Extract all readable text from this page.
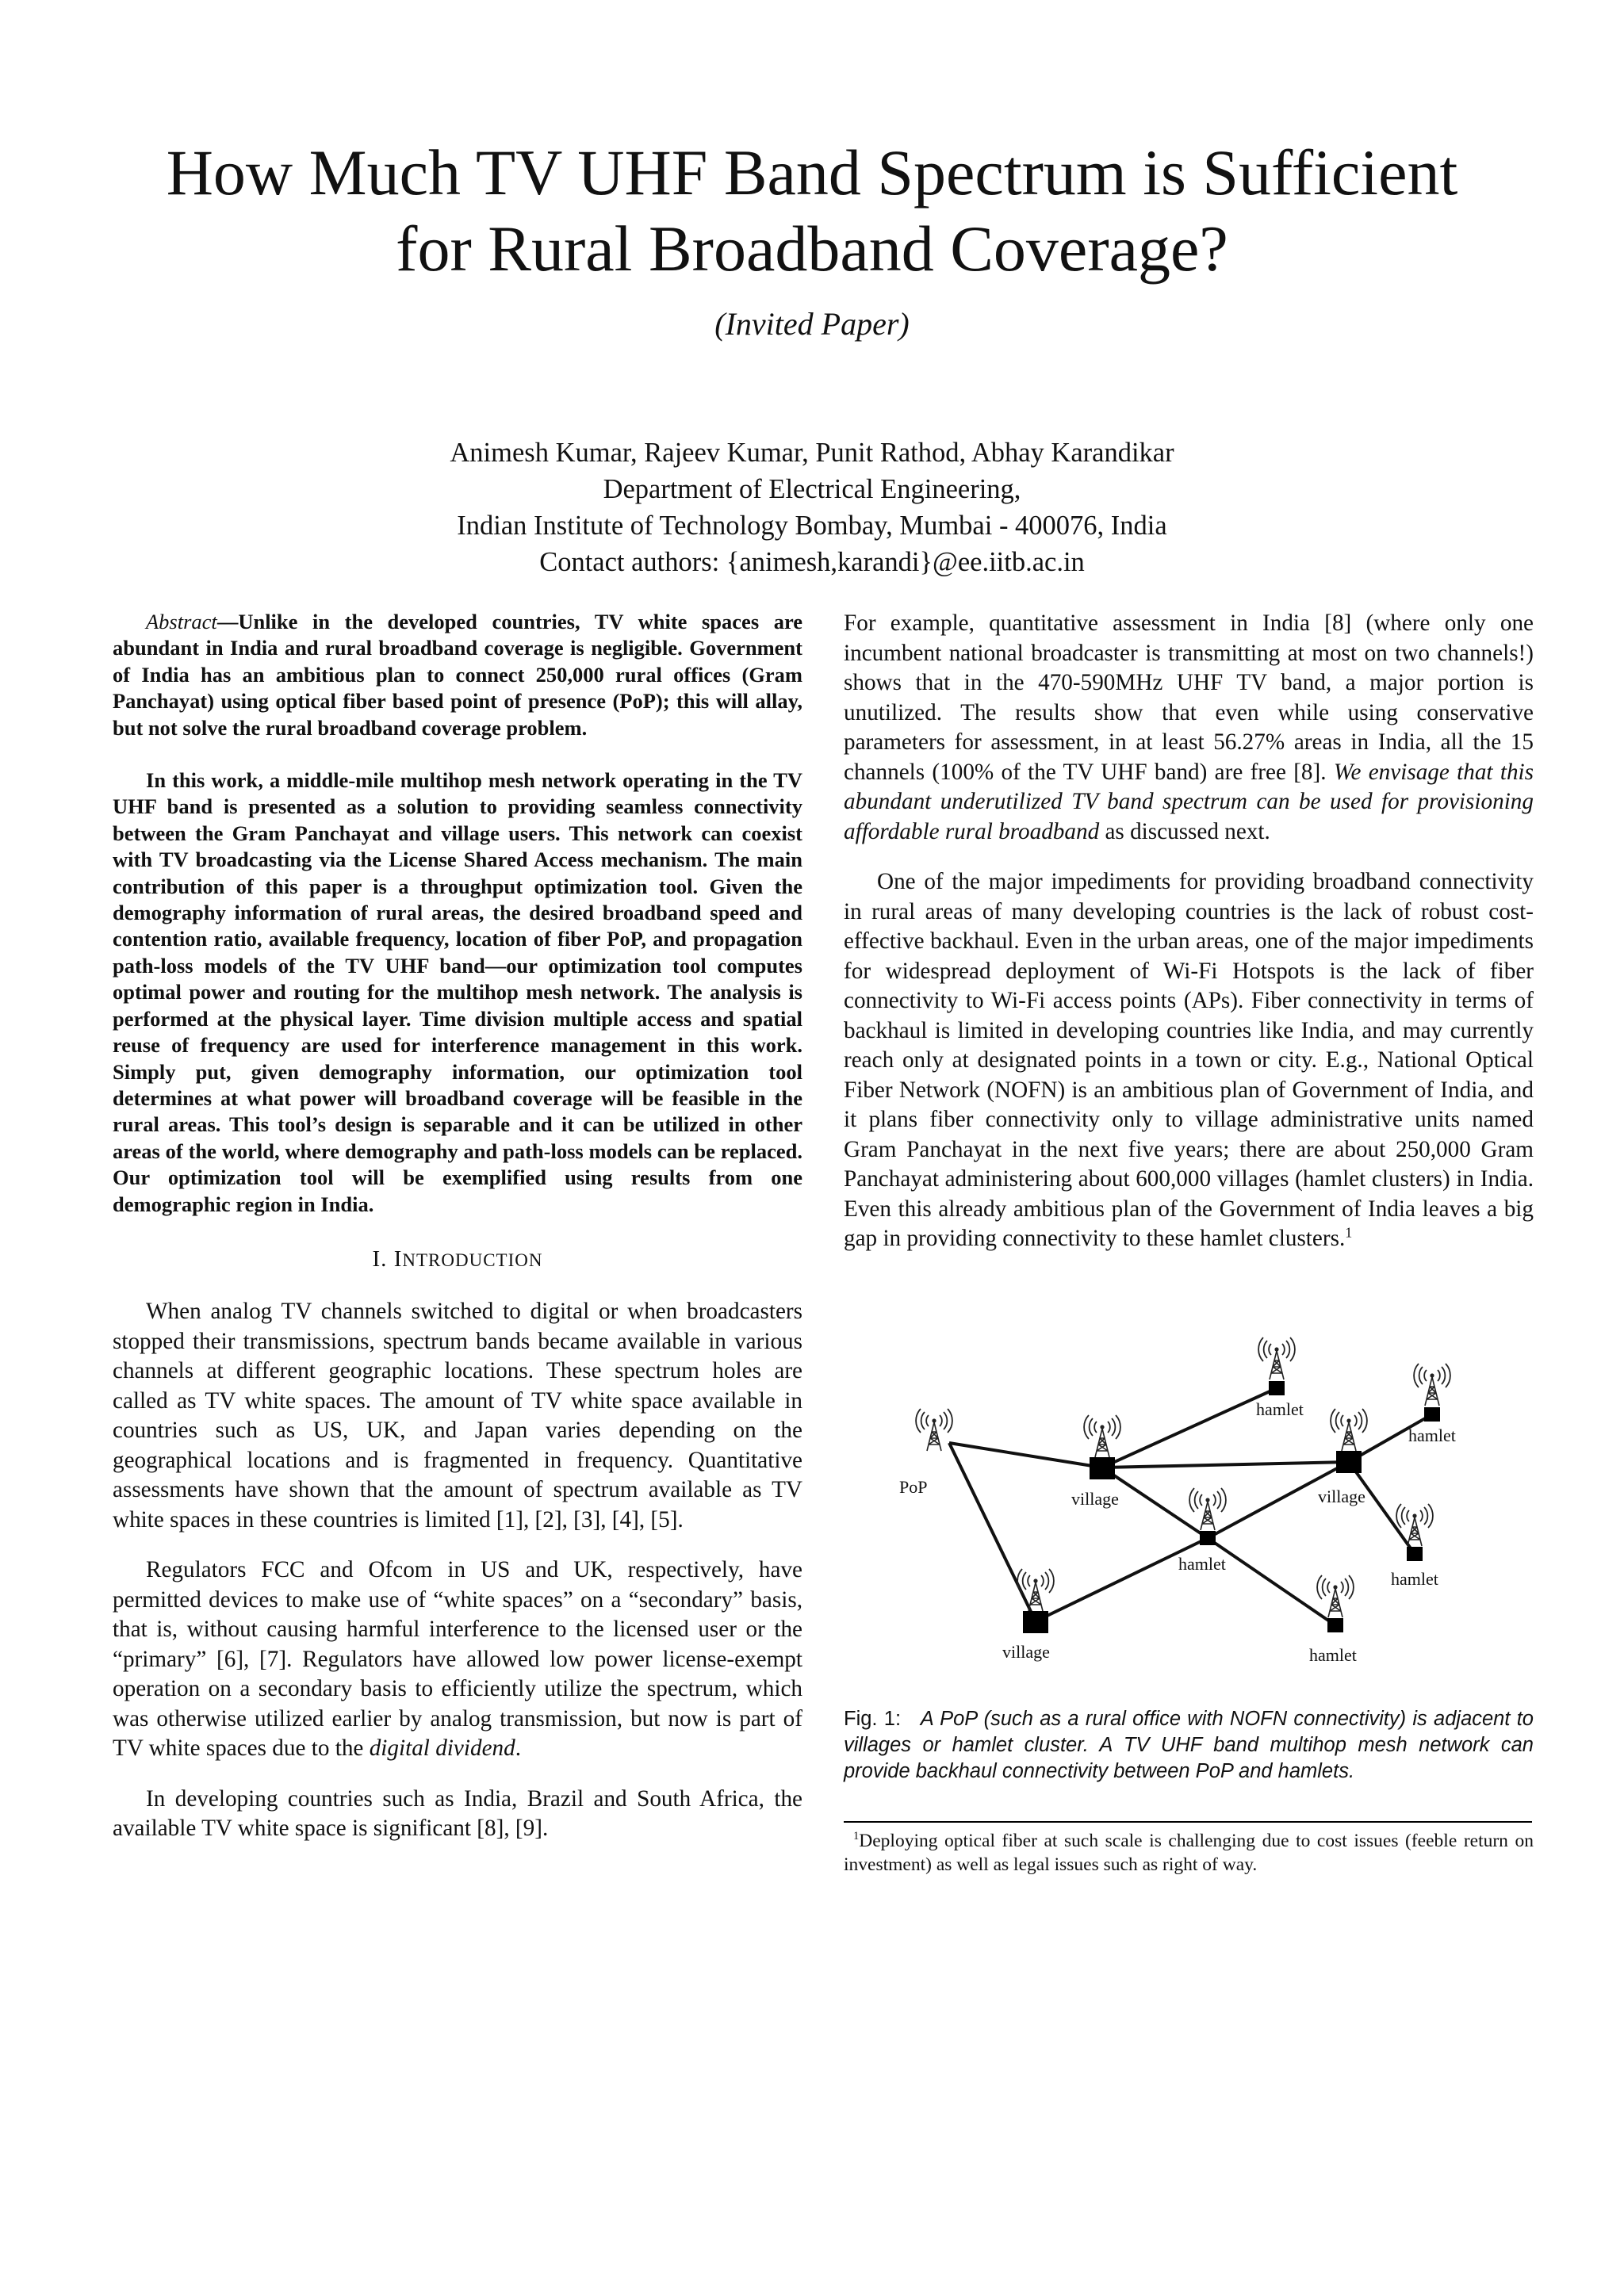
How Much TV UHF Band Spectrum is Sufficient
for Rural Broadband Coverage?
(Invited Paper)
Animesh Kumar, Rajeev Kumar, Punit Rathod, Abhay Karandikar
Department of Electrical Engineering,
Indian Institute of Technology Bombay, Mumbai - 400076, India
Contact authors: {animesh,karandi}@ee.iitb.ac.in

Abstract—Unlike in the developed countries, TV white spaces are abundant in India and rural broadband coverage is negligible. Government of India has an ambitious plan to connect 250,000 rural offices (Gram Panchayat) using optical fiber based point of presence (PoP); this will allay, but not solve the rural broadband coverage problem.

In this work, a middle-mile multihop mesh network operating in the TV UHF band is presented as a solution to providing seamless connectivity between the Gram Panchayat and village users. This network can coexist with TV broadcasting via the License Shared Access mechanism. The main contribution of this paper is a throughput optimization tool. Given the demography information of rural areas, the desired broadband speed and contention ratio, available frequency, location of fiber PoP, and propagation path-loss models of the TV UHF band—our optimization tool computes optimal power and routing for the multihop mesh network. The analysis is performed at the physical layer. Time division multiple access and spatial reuse of frequency are used for interference management in this work. Simply put, given demography information, our optimization tool determines at what power will broadband coverage will be feasible in the rural areas. This tool’s design is separable and it can be utilized in other areas of the world, where demography and path-loss models can be replaced. Our optimization tool will be exemplified using results from one demographic region in India.

I. INTRODUCTION

When analog TV channels switched to digital or when broadcasters stopped their transmissions, spectrum bands became available in various channels at different geographic locations. These spectrum holes are called as TV white spaces. The amount of TV white space available in countries such as US, UK, and Japan varies depending on the geographical locations and is fragmented in frequency. Quantitative assessments have shown that the amount of spectrum available as TV white spaces in these countries is limited [1], [2], [3], [4], [5].

Regulators FCC and Ofcom in US and UK, respectively, have permitted devices to make use of “white spaces” on a “secondary” basis, that is, without causing harmful interference to the licensed user or the “primary” [6], [7]. Regulators have allowed low power license-exempt operation on a secondary basis to efficiently utilize the spectrum, which was otherwise utilized earlier by analog transmission, but now is part of TV white spaces due to the digital dividend.

In developing countries such as India, Brazil and South Africa, the available TV white space is significant [8], [9].

For example, quantitative assessment in India [8] (where only one incumbent national broadcaster is transmitting at most on two channels!) shows that in the 470-590MHz UHF TV band, a major portion is unutilized. The results show that even while using conservative parameters for assessment, in at least 56.27% areas in India, all the 15 channels (100% of the TV UHF band) are free [8]. We envisage that this abundant underutilized TV band spectrum can be used for provisioning affordable rural broadband as discussed next.

One of the major impediments for providing broadband connectivity in rural areas of many developing countries is the lack of robust cost-effective backhaul. Even in the urban areas, one of the major impediments for widespread deployment of Wi-Fi Hotspots is the lack of fiber connectivity to Wi-Fi access points (APs). Fiber connectivity in terms of backhaul is limited in developing countries like India, and may currently reach only at designated points in a town or city. E.g., National Optical Fiber Network (NOFN) is an ambitious plan of Government of India, and it plans fiber connectivity only to village administrative units named Gram Panchayat in the next five years; there are about 250,000 Gram Panchayat administering about 600,000 villages (hamlet clusters) in India. Even this already ambitious plan of the Government of India leaves a big gap in providing connectivity to these hamlet clusters.$^1$

PoP
village	village
village
hamlet
hamlet
hamlet
hamlet
hamlet
Fig. 1: A PoP (such as a rural office with NOFN connectivity) is adjacent to villages or hamlet cluster. A TV UHF band multihop mesh network can provide backhaul connectivity between PoP and hamlets.
$^1$Deploying optical fiber at such scale is challenging due to cost issues (feeble return on investment) as well as legal issues such as right of way.
